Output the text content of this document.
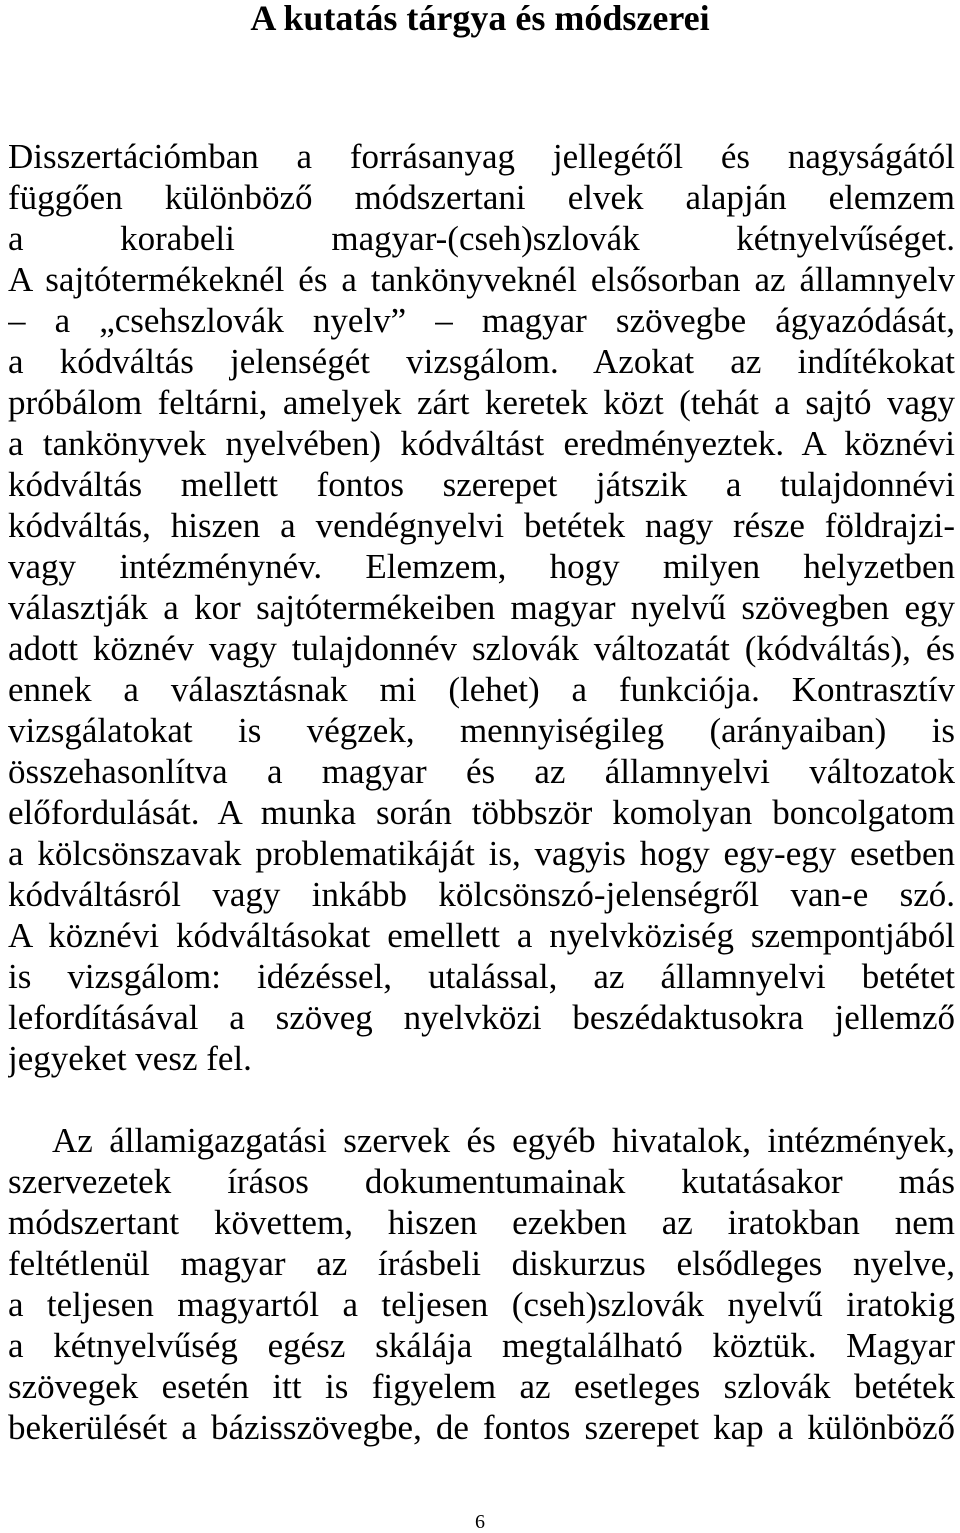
A kutatás tárgya és módszerei
Disszertációmban a forrásanyag jellegétől és nagyságától
függően különböző módszertani elvek alapján elemzem
a korabeli magyar-(cseh)szlovák kétnyelvűséget.
A sajtótermékeknél és a tankönyveknél elsősorban az államnyelv
– a „csehszlovák nyelv” – magyar szövegbe ágyazódását,
a kódváltás jelenségét vizsgálom. Azokat az indítékokat
próbálom feltárni, amelyek zárt keretek közt (tehát a sajtó vagy
a tankönyvek nyelvében) kódváltást eredményeztek. A köznévi
kódváltás mellett fontos szerepet játszik a tulajdonnévi
kódváltás, hiszen a vendégnyelvi betétek nagy része földrajzi-
vagy intézménynév. Elemzem, hogy milyen helyzetben
választják a kor sajtótermékeiben magyar nyelvű szövegben egy
adott köznév vagy tulajdonnév szlovák változatát (kódváltás), és
ennek a választásnak mi (lehet) a funkciója. Kontrasztív
vizsgálatokat is végzek, mennyiségileg (arányaiban) is
összehasonlítva a magyar és az államnyelvi változatok
előfordulását. A munka során többször komolyan boncolgatom
a kölcsönszavak problematikáját is, vagyis hogy egy-egy esetben
kódváltásról vagy inkább kölcsönszó-jelenségről van-e szó.
A köznévi kódváltásokat emellett a nyelvköziség szempontjából
is vizsgálom: idézéssel, utalással, az államnyelvi betétet
lefordításával a szöveg nyelvközi beszédaktusokra jellemző
jegyeket vesz fel.
Az államigazgatási szervek és egyéb hivatalok, intézmények,
szervezetek írásos dokumentumainak kutatásakor más
módszertant követtem, hiszen ezekben az iratokban nem
feltétlenül magyar az írásbeli diskurzus elsődleges nyelve,
a teljesen magyartól a teljesen (cseh)szlovák nyelvű iratokig
a kétnyelvűség egész skálája megtalálható köztük. Magyar
szövegek esetén itt is figyelem az esetleges szlovák betétek
bekerülését a bázisszövegbe, de fontos szerepet kap a különböző
6
